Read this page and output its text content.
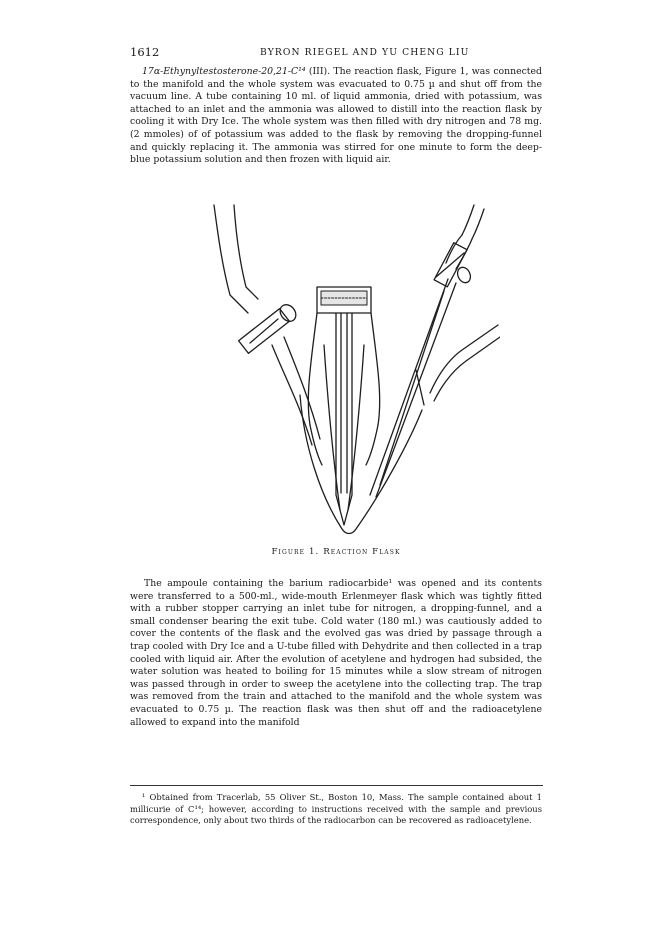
1612	BYRON RIEGEL AND YU CHENG LIU

17α-Ethynyltestosterone-20,21-C¹⁴ (III). The reaction flask, Figure 1, was connected to the manifold and the whole system was evacuated to 0.75 µ and shut off from the vacuum line. A tube containing 10 ml. of liquid ammonia, dried with potassium, was attached to an inlet and the ammonia was allowed to distill into the reaction flask by cooling it with Dry Ice. The whole system was then filled with dry nitrogen and 78 mg. (2 mmoles) of of potassium was added to the flask by removing the dropping-funnel and quickly replacing it. The ammonia was stirred for one minute to form the deep-blue potassium solution and then frozen with liquid air.

Figure 1. Reaction Flask

The ampoule containing the barium radiocarbide¹ was opened and its contents were transferred to a 500-ml., wide-mouth Erlenmeyer flask which was tightly fitted with a rubber stopper carrying an inlet tube for nitrogen, a dropping-funnel, and a small condenser bearing the exit tube. Cold water (180 ml.) was cautiously added to cover the contents of the flask and the evolved gas was dried by passage through a trap cooled with Dry Ice and a U-tube filled with Dehydrite and then collected in a trap cooled with liquid air. After the evolution of acetylene and hydrogen had subsided, the water solution was heated to boiling for 15 minutes while a slow stream of nitrogen was passed through in order to sweep the acetylene into the collecting trap. The trap was removed from the train and attached to the manifold and the whole system was evacuated to 0.75 µ. The reaction flask was then shut off and the radioacetylene allowed to expand into the manifold

¹ Obtained from Tracerlab, 55 Oliver St., Boston 10, Mass. The sample contained about 1 millicurie of C¹⁴; however, according to instructions received with the sample and previous correspondence, only about two thirds of the radiocarbon can be recovered as radioacetylene.
